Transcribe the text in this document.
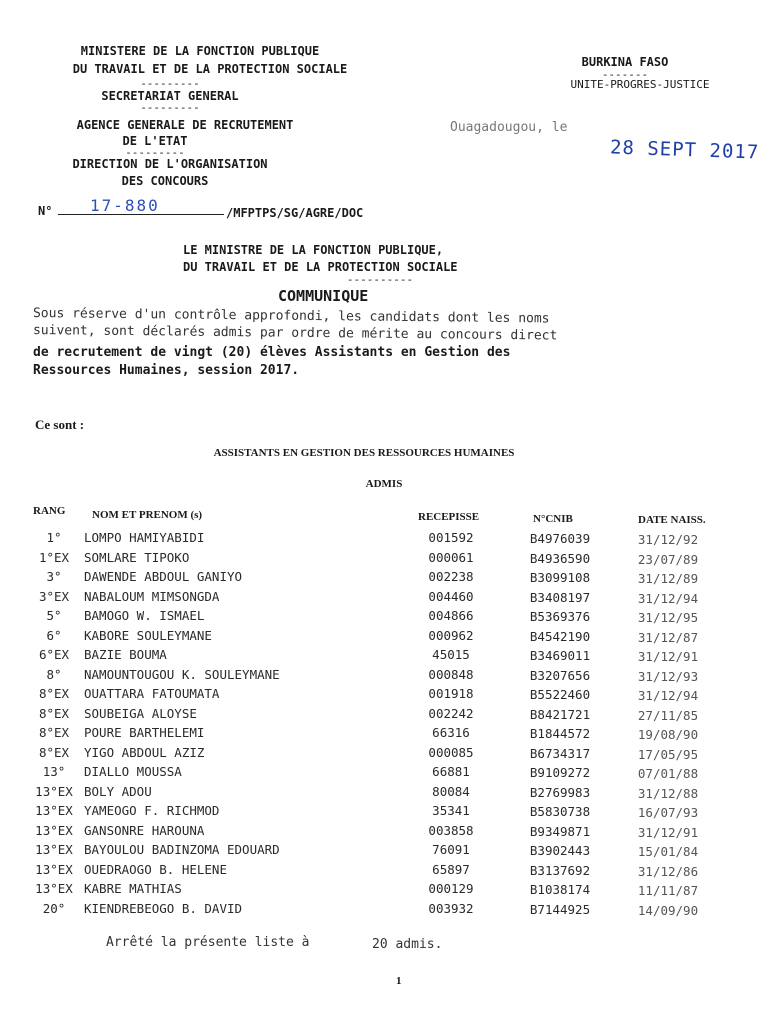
MINISTERE DE LA FONCTION PUBLIQUE
DU TRAVAIL ET DE LA PROTECTION SOCIALE
---------
SECRETARIAT GENERAL
---------
AGENCE GENERALE DE RECRUTEMENT
DE L'ETAT
---------
DIRECTION DE L'ORGANISATION
DES CONCOURS
BURKINA FASO
-------
UNITE-PROGRES-JUSTICE
Ouagadougou, le
28 SEPT 2017
N° 17-880	/MFPTPS/SG/AGRE/DOC
LE MINISTRE DE LA FONCTION PUBLIQUE,
DU TRAVAIL ET DE LA PROTECTION SOCIALE
----------
COMMUNIQUE
Sous réserve d'un contrôle approfondi, les candidats dont les noms
suivent, sont déclarés admis par ordre de mérite au concours direct
de recrutement de vingt (20) élèves Assistants en Gestion des
Ressources Humaines, session 2017.
Ce sont :
ASSISTANTS EN GESTION DES RESSOURCES HUMAINES
ADMIS
RANG NOM ET PRENOM (s)	RECEPISSE	N°CNIB	DATE NAISS.
1°	LOMPO HAMIYABIDI	001592	B4976039	31/12/92
1°EX	SOMLARE TIPOKO	000061	B4936590	23/07/89
3°	DAWENDE ABDOUL GANIYO	002238	B3099108	31/12/89
3°EX	NABALOUM MIMSONGDA	004460	B3408197	31/12/94
5°	BAMOGO W. ISMAEL	004866	B5369376	31/12/95
6°	KABORE SOULEYMANE	000962	B4542190	31/12/87
6°EX	BAZIE BOUMA	45015	B3469011	31/12/91
8°	NAMOUNTOUGOU K. SOULEYMANE	000848	B3207656	31/12/93
8°EX	OUATTARA FATOUMATA	001918	B5522460	31/12/94
8°EX	SOUBEIGA ALOYSE	002242	B8421721	27/11/85
8°EX	POURE BARTHELEMI	66316	B1844572	19/08/90
8°EX	YIGO ABDOUL AZIZ	000085	B6734317	17/05/95
13°	DIALLO MOUSSA	66881	B9109272	07/01/88
13°EX BOLY ADOU	80084	B2769983	31/12/88
13°EX YAMEOGO F. RICHMOD	35341	B5830738	16/07/93
13°EX GANSONRE HAROUNA	003858	B9349871	31/12/91
13°EX BAYOULOU BADINZOMA EDOUARD	76091	B3902443	15/01/84
13°EX OUEDRAOGO B. HELENE	65897	B3137692	31/12/86
13°EX KABRE MATHIAS	000129	B1038174	11/11/87
20°	KIENDREBEOGO B. DAVID	003932	B7144925	14/09/90
Arrêté la présente liste à	20 admis.
1
